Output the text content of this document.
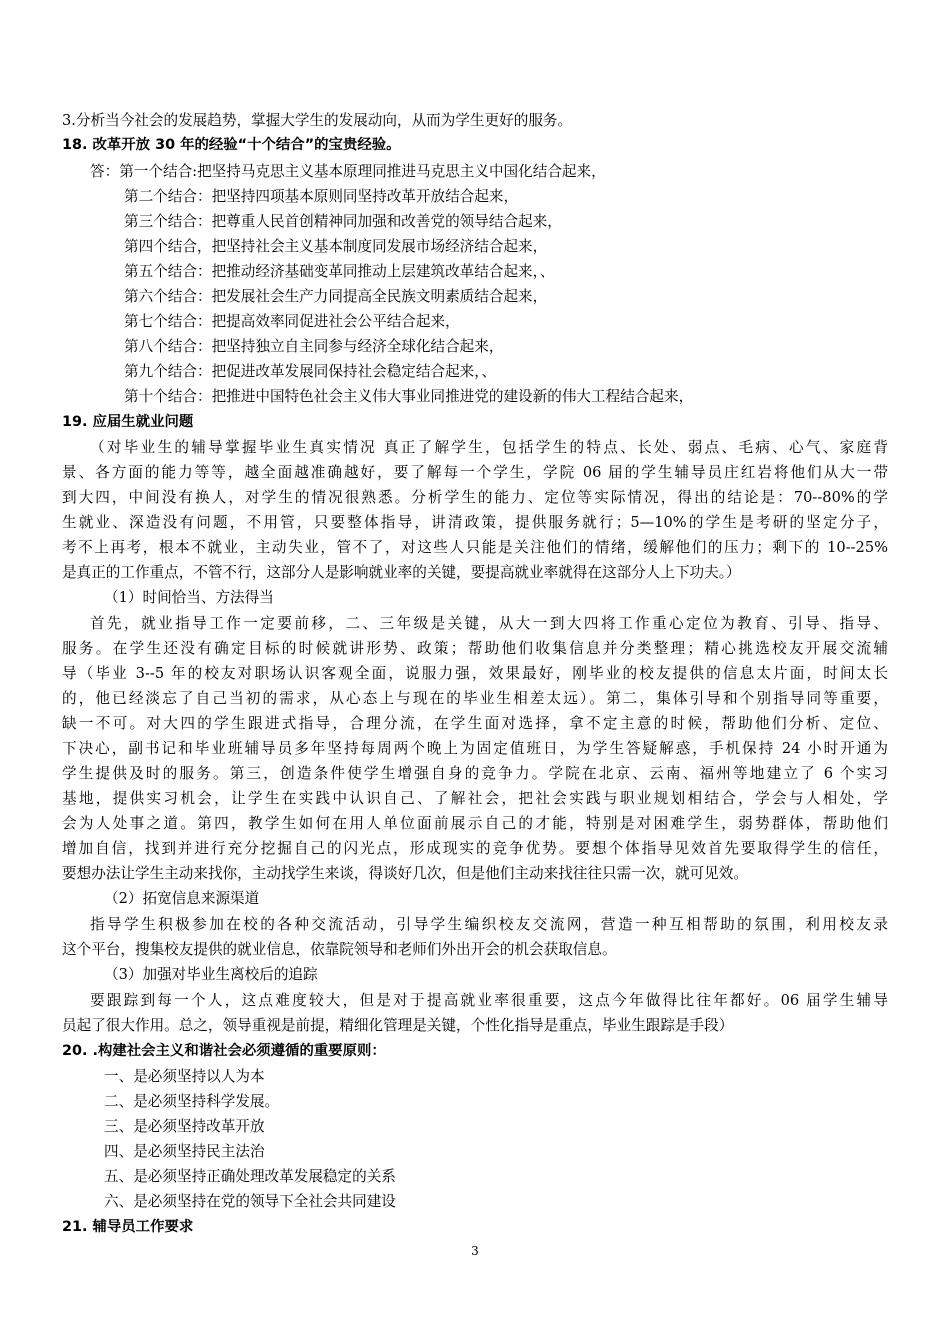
3.分析当今社会的发展趋势，掌握大学生的发展动向，从而为学生更好的服务。
18. 改革开放 30 年的经验“十个结合”的宝贵经验。
答：第一个结合:把坚持马克思主义基本原理同推进马克思主义中国化结合起来，
第二个结合：把坚持四项基本原则同坚持改革开放结合起来，
第三个结合：把尊重人民首创精神同加强和改善党的领导结合起来，
第四个结合，把坚持社会主义基本制度同发展市场经济结合起来，
第五个结合：把推动经济基础变革同推动上层建筑改革结合起来，、
第六个结合：把发展社会生产力同提高全民族文明素质结合起来，
第七个结合：把提高效率同促进社会公平结合起来，
第八个结合：把坚持独立自主同参与经济全球化结合起来，
第九个结合：把促进改革发展同保持社会稳定结合起来，、
第十个结合：把推进中国特色社会主义伟大事业同推进党的建设新的伟大工程结合起来，
19. 应届生就业问题
（对毕业生的辅导掌握毕业生真实情况 真正了解学生，包括学生的特点、长处、弱点、毛病、心气、家庭背
景、各方面的能力等等，越全面越准确越好，要了解每一个学生，学院 06 届的学生辅导员庄红岩将他们从大一带
到大四，中间没有换人，对学生的情况很熟悉。分析学生的能力、定位等实际情况，得出的结论是：70--80%的学
生就业、深造没有问题，不用管，只要整体指导，讲清政策，提供服务就行；5—10%的学生是考研的坚定分子，
考不上再考，根本不就业，主动失业，管不了，对这些人只能是关注他们的情绪，缓解他们的压力；剩下的 10--25%
是真正的工作重点，不管不行，这部分人是影响就业率的关键，要提高就业率就得在这部分人上下功夫。）
（1）时间恰当、方法得当
首先，就业指导工作一定要前移，二、三年级是关键，从大一到大四将工作重心定位为教育、引导、指导、
服务。在学生还没有确定目标的时候就讲形势、政策；帮助他们收集信息并分类整理；精心挑选校友开展交流辅
导（毕业 3--5 年的校友对职场认识客观全面，说服力强，效果最好，刚毕业的校友提供的信息太片面，时间太长
的，他已经淡忘了自己当初的需求，从心态上与现在的毕业生相差太远）。第二，集体引导和个别指导同等重要，
缺一不可。对大四的学生跟进式指导，合理分流，在学生面对选择，拿不定主意的时候，帮助他们分析、定位、
下决心，副书记和毕业班辅导员多年坚持每周两个晚上为固定值班日，为学生答疑解惑，手机保持 24 小时开通为
学生提供及时的服务。第三，创造条件使学生增强自身的竞争力。学院在北京、云南、福州等地建立了 6 个实习
基地，提供实习机会，让学生在实践中认识自己、了解社会，把社会实践与职业规划相结合，学会与人相处，学
会为人处事之道。第四，教学生如何在用人单位面前展示自己的才能，特别是对困难学生，弱势群体，帮助他们
增加自信，找到并进行充分挖掘自己的闪光点，形成现实的竞争优势。要想个体指导见效首先要取得学生的信任，
要想办法让学生主动来找你，主动找学生来谈，得谈好几次，但是他们主动来找往往只需一次，就可见效。
（2）拓宽信息来源渠道
指导学生积极参加在校的各种交流活动，引导学生编织校友交流网，营造一种互相帮助的氛围，利用校友录
这个平台，搜集校友提供的就业信息，依靠院领导和老师们外出开会的机会获取信息。
（3）加强对毕业生离校后的追踪
要跟踪到每一个人，这点难度较大，但是对于提高就业率很重要，这点今年做得比往年都好。06 届学生辅导
员起了很大作用。总之，领导重视是前提，精细化管理是关键，个性化指导是重点，毕业生跟踪是手段）
20. .构建社会主义和谐社会必须遵循的重要原则：
一、是必须坚持以人为本
二、是必须坚持科学发展。
三、是必须坚持改革开放
四、是必须坚持民主法治
五、是必须坚持正确处理改革发展稳定的关系
六、是必须坚持在党的领导下全社会共同建设
21. 辅导员工作要求
3
